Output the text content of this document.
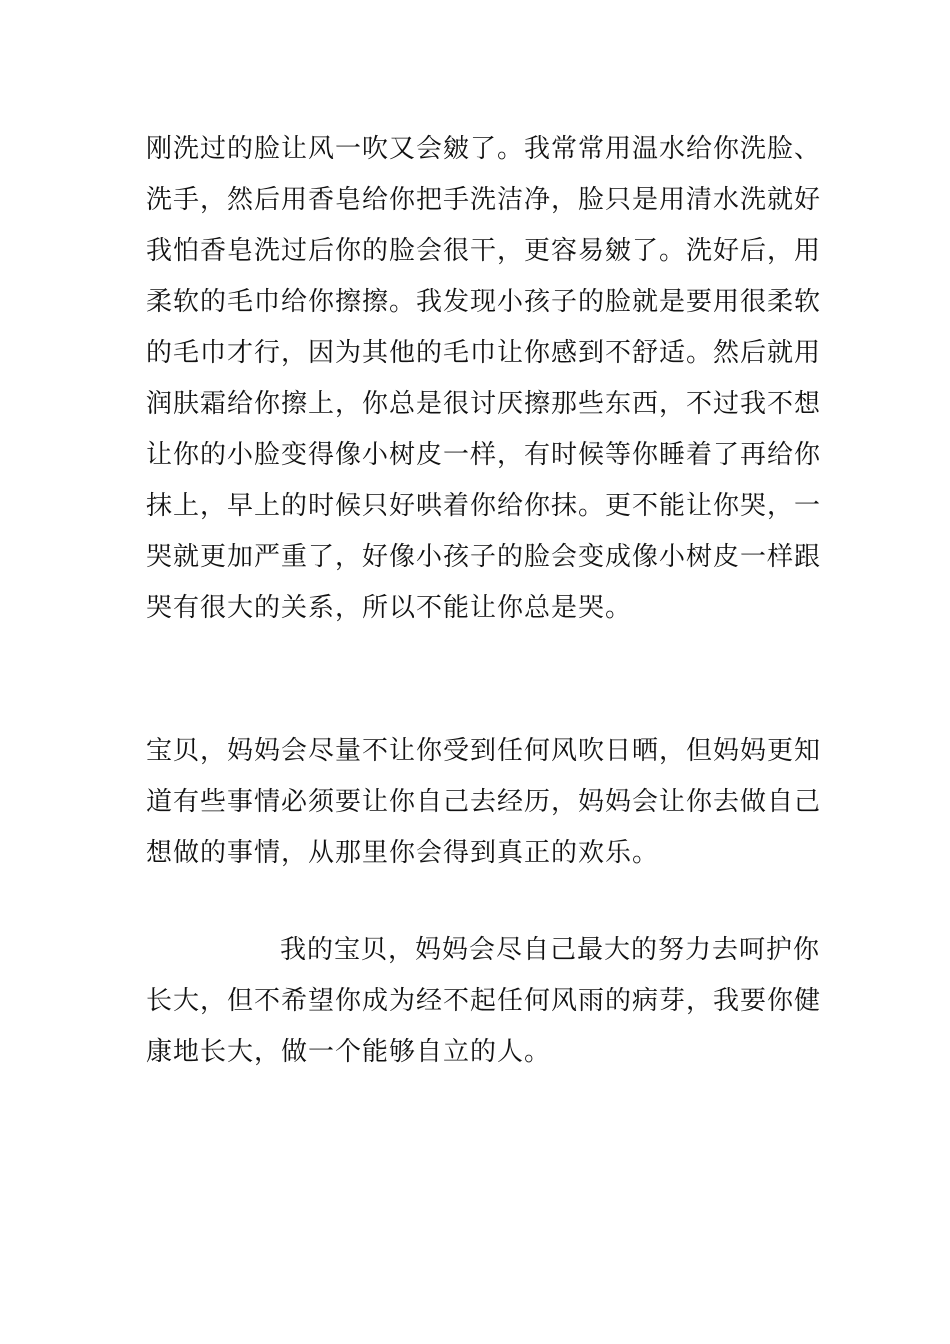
刚洗过的脸让风一吹又会皴了。我常常用温水给你洗脸、

洗手，然后用香皂给你把手洗洁净，脸只是用清水洗就好

我怕香皂洗过后你的脸会很干，更容易皴了。洗好后，用

柔软的毛巾给你擦擦。我发现小孩子的脸就是要用很柔软

的毛巾才行，因为其他的毛巾让你感到不舒适。然后就用

润肤霜给你擦上，你总是很讨厌擦那些东西，不过我不想

让你的小脸变得像小树皮一样，有时候等你睡着了再给你

抹上，早上的时候只好哄着你给你抹。更不能让你哭，一

哭就更加严重了，好像小孩子的脸会变成像小树皮一样跟

哭有很大的关系，所以不能让你总是哭。

宝贝，妈妈会尽量不让你受到任何风吹日晒，但妈妈更知

道有些事情必须要让你自己去经历，妈妈会让你去做自己

想做的事情，从那里你会得到真正的欢乐。

我的宝贝，妈妈会尽自己最大的努力去呵护你

长大，但不希望你成为经不起任何风雨的病芽，我要你健

康地长大，做一个能够自立的人。
